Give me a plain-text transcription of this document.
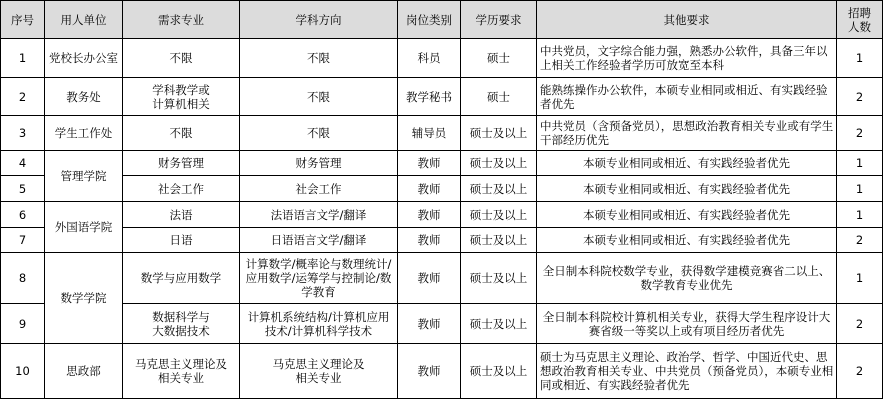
序号	用人单位	需求专业	学科方向	岗位类别	学历要求	其他要求	招聘
人数
1	党校长办公室	不限	不限	科员	硕士	中共党员，文字综合能力强，熟悉办公软件，具备三年以上相关工作经验者学历可放宽至本科	1
2	教务处	学科教学或
计算机相关	不限	教学秘书	硕士	能熟练操作办公软件，本硕专业相同或相近、有实践经验者优先	2
3	学生工作处	不限	不限	辅导员	硕士及以上	中共党员（含预备党员），思想政治教育相关专业或有学生干部经历优先	2
4	管理学院	财务管理	财务管理	教师	硕士及以上	本硕专业相同或相近、有实践经验者优先	1
5		社会工作	社会工作	教师	硕士及以上	本硕专业相同或相近、有实践经验者优先	1
6	外国语学院	法语	法语语言文学/翻译	教师	硕士及以上	本硕专业相同或相近、有实践经验者优先	1
7		日语	日语语言文学/翻译	教师	硕士及以上	本硕专业相同或相近、有实践经验者优先	2
8	数学学院	数学与应用数学	计算数学/概率论与数理统计/应用数学/运筹学与控制论/数学教育	教师	硕士及以上	全日制本科院校数学专业，获得数学建模竞赛省二以上、数学教育专业优先	1
9		数据科学与
大数据技术	计算机系统结构/计算机应用技术/计算机科学技术	教师	硕士及以上	全日制本科院校计算机相关专业，获得大学生程序设计大赛省级一等奖以上或有项目经历者优先	2
10	思政部	马克思主义理论及
相关专业	马克思主义理论及
相关专业	教师	硕士及以上	硕士为马克思主义理论、政治学、哲学、中国近代史、思想政治教育相关专业、中共党员（预备党员），本硕专业相同或相近、有实践经验者优先	2
